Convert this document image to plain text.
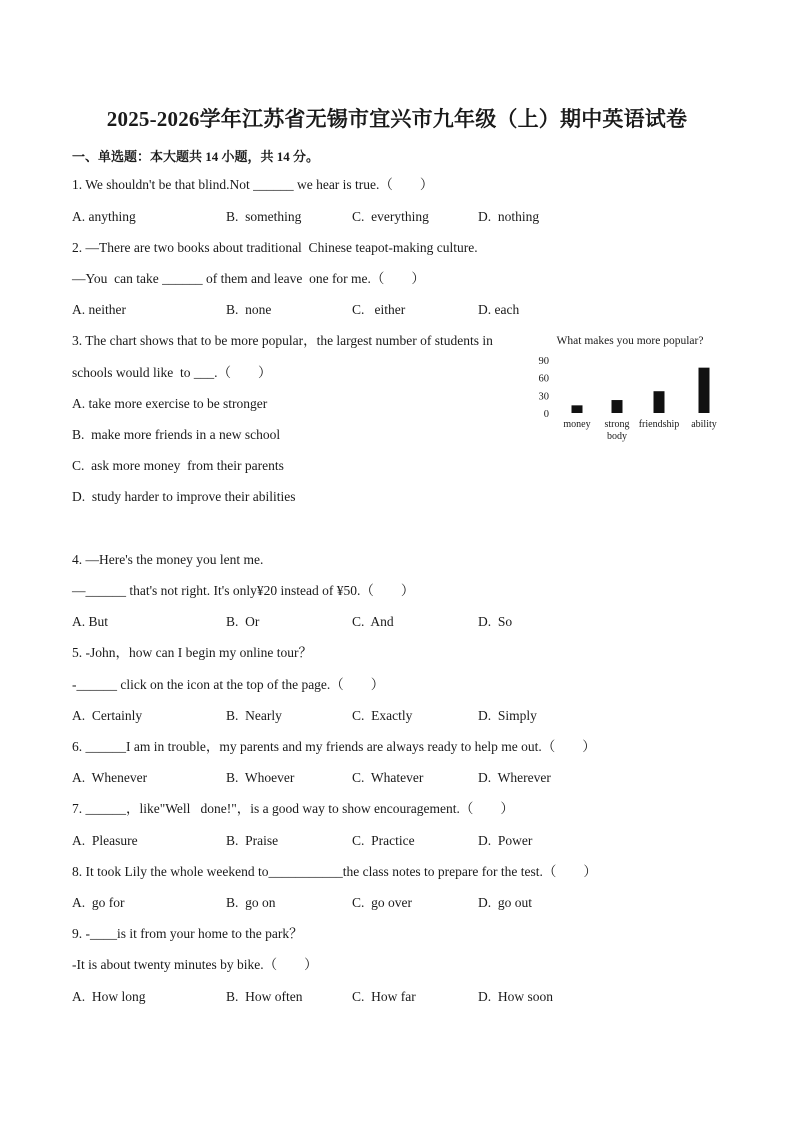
2025-2026学年江苏省无锡市宜兴市九年级（上）期中英语试卷
一、单选题：本大题共 14 小题，共 14 分。
1. We shouldn't be that blind.Not ______ we hear is true.（　　）
A. anything	B.  something	C.  everything	D.  nothing
2. —There are two books about traditional  Chinese teapot-making culture.
—You  can take ______ of them and leave  one for me.（　　）
A. neither	B.  none	C.   either	D. each
3. The chart shows that to be more popular，the largest number of students in
schools would like  to ___.（　　）
A. take more exercise to be stronger
B.  make more friends in a new school
C.  ask more money  from their parents
D.  study harder to improve their abilities
What makes you more popular?
90
60
30
0
money strong
body
friendship ability
4. —Here's the money you lent me.
—______ that's not right. It's only¥20 instead of ¥50.（　　）
A. But	B.  Or	C.  And	D.  So
5. -John，how can I begin my online tour？
-______ click on the icon at the top of the page.（　　）
A.  Certainly	B.  Nearly	C.  Exactly	D.  Simply
6. ______I am in trouble，my parents and my friends are always ready to help me out.（　　）
A.  Whenever	B.  Whoever	C.  Whatever	D.  Wherever
7. ______，like"Well   done!"，is a good way to show encouragement.（　　）
A.  Pleasure	B.  Praise	C.  Practice	D.  Power
8. It took Lily the whole weekend to___________the class notes to prepare for the test.（　　）
A.  go for	B.  go on	C.  go over	D.  go out
9. -____is it from your home to the park？
-It is about twenty minutes by bike.（　　）
A.  How long	B.  How often	C.  How far	D.  How soon
